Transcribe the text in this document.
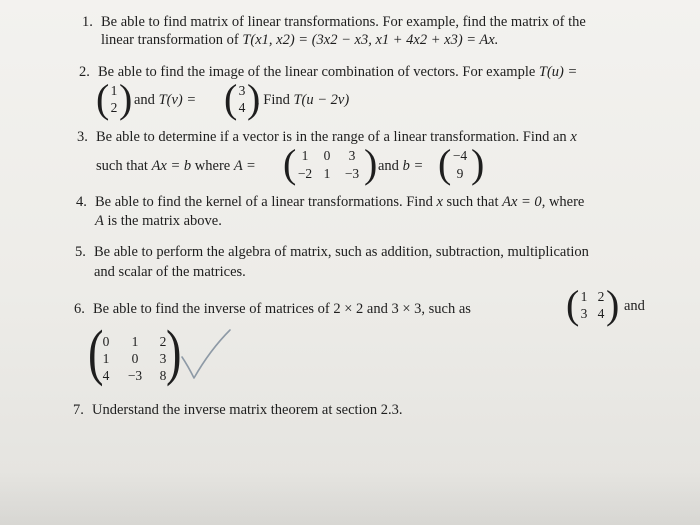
1. Be able to find matrix of linear transformations. For example, find the matrix of the
linear transformation of T(x1, x2) = (3x2 − x3, x1 + 4x2 + x3) = Ax.
2. Be able to find the image of the linear combination of vectors. For example T(u) =
( 1
2 ) and T(v) = ( 3
4 )
, Find T(u − 2v)
3. Be able to determine if a vector is in the range of a linear transformation. Find an x
such that Ax = b where A = ( 1	0	3
−2 1	−3 ) and b = ( −4
9 )
4. Be able to find the kernel of a linear transformations. Find x such that Ax = 0, where
A is the matrix above.
5. Be able to perform the algebra of matrix, such as addition, subtraction, multiplication
and scalar of the matrices.
6. Be able to find the inverse of matrices of 2 × 2 and 3 × 3, such as ( 1 2
3 4 ) and
( 0	1	2
1	0	3
4 −3 8 )
7. Understand the inverse matrix theorem at section 2.3.
